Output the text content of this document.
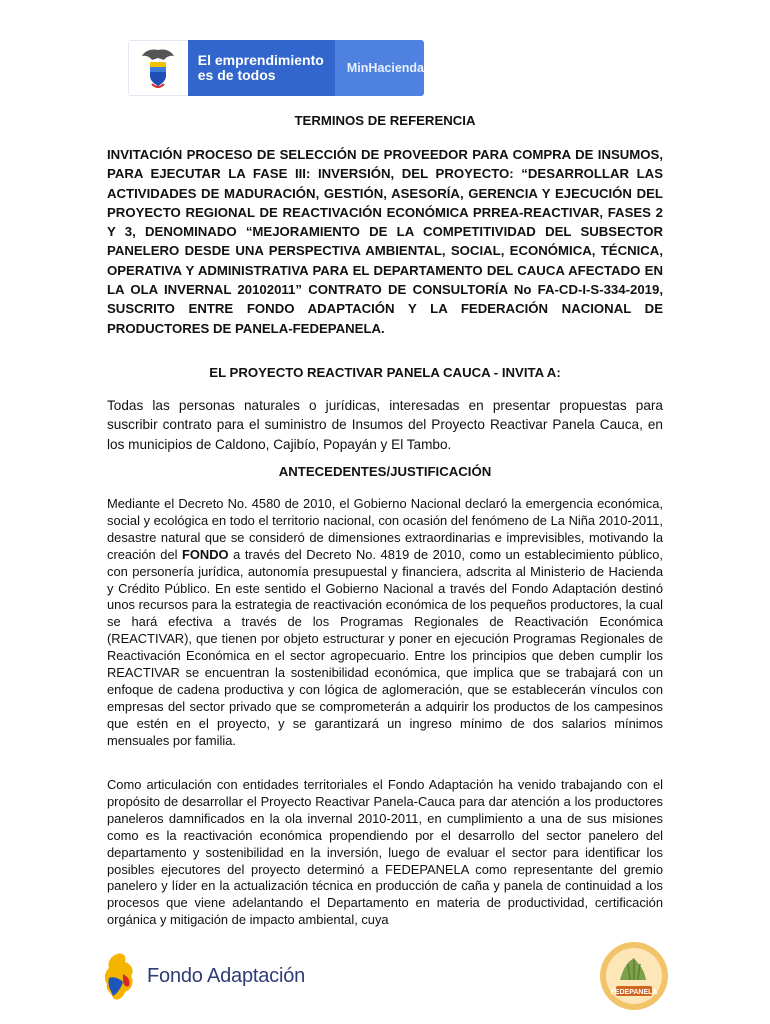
El emprendimiento
es de todos	MinHacienda
TERMINOS DE REFERENCIA
INVITACIÓN PROCESO DE SELECCIÓN DE PROVEEDOR PARA COMPRA DE INSUMOS, PARA EJECUTAR LA FASE III: INVERSIÓN, DEL PROYECTO: “DESARROLLAR LAS ACTIVIDADES DE MADURACIÓN, GESTIÓN, ASESORÍA, GERENCIA Y EJECUCIÓN DEL PROYECTO REGIONAL DE REACTIVACIÓN ECONÓMICA PRREA-REACTIVAR, FASES 2 Y 3, DENOMINADO “MEJORAMIENTO DE LA COMPETITIVIDAD DEL SUBSECTOR PANELERO DESDE UNA PERSPECTIVA AMBIENTAL, SOCIAL, ECONÓMICA, TÉCNICA, OPERATIVA Y ADMINISTRATIVA PARA EL DEPARTAMENTO DEL CAUCA AFECTADO EN LA OLA INVERNAL 20102011” CONTRATO DE CONSULTORÍA No FA-CD-I-S-334-2019, SUSCRITO ENTRE FONDO ADAPTACIÓN Y LA FEDERACIÓN NACIONAL DE PRODUCTORES DE PANELA-FEDEPANELA.
EL PROYECTO REACTIVAR PANELA CAUCA - INVITA A:
Todas las personas naturales o jurídicas, interesadas en presentar propuestas para suscribir contrato para el suministro de Insumos del Proyecto Reactivar Panela Cauca, en los municipios de Caldono, Cajibío, Popayán y El Tambo.
ANTECEDENTES/JUSTIFICACIÓN
Mediante el Decreto No. 4580 de 2010, el Gobierno Nacional declaró la emergencia económica, social y ecológica en todo el territorio nacional, con ocasión del fenómeno de La Niña 2010-2011, desastre natural que se consideró de dimensiones extraordinarias e imprevisibles, motivando la creación del FONDO a través del Decreto No. 4819 de 2010, como un establecimiento público, con personería jurídica, autonomía presupuestal y financiera, adscrita al Ministerio de Hacienda y Crédito Público. En este sentido el Gobierno Nacional a través del Fondo Adaptación destinó unos recursos para la estrategia de reactivación económica de los pequeños productores, la cual se hará efectiva a través de los Programas Regionales de Reactivación Económica (REACTIVAR), que tienen por objeto estructurar y poner en ejecución Programas Regionales de Reactivación Económica en el sector agropecuario. Entre los principios que deben cumplir los REACTIVAR se encuentran la sostenibilidad económica, que implica que se trabajará con un enfoque de cadena productiva y con lógica de aglomeración, que se establecerán vínculos con empresas del sector privado que se comprometerán a adquirir los productos de los campesinos que estén en el proyecto, y se garantizará un ingreso mínimo de dos salarios mínimos mensuales por familia.
Como articulación con entidades territoriales el Fondo Adaptación ha venido trabajando con el propósito de desarrollar el Proyecto Reactivar Panela-Cauca para dar atención a los productores paneleros damnificados en la ola invernal 2010-2011, en cumplimiento a una de sus misiones como es la reactivación económica propendiendo por el desarrollo del sector panelero del departamento y sostenibilidad en la inversión, luego de evaluar el sector para identificar los posibles ejecutores del proyecto determinó a FEDEPANELA como representante del gremio panelero y líder en la actualización técnica en producción de caña y panela de continuidad a los procesos que viene adelantando el Departamento en materia de productividad, certificación orgánica y mitigación de impacto ambiental, cuya
Fondo Adaptación
FEDEPANELA
